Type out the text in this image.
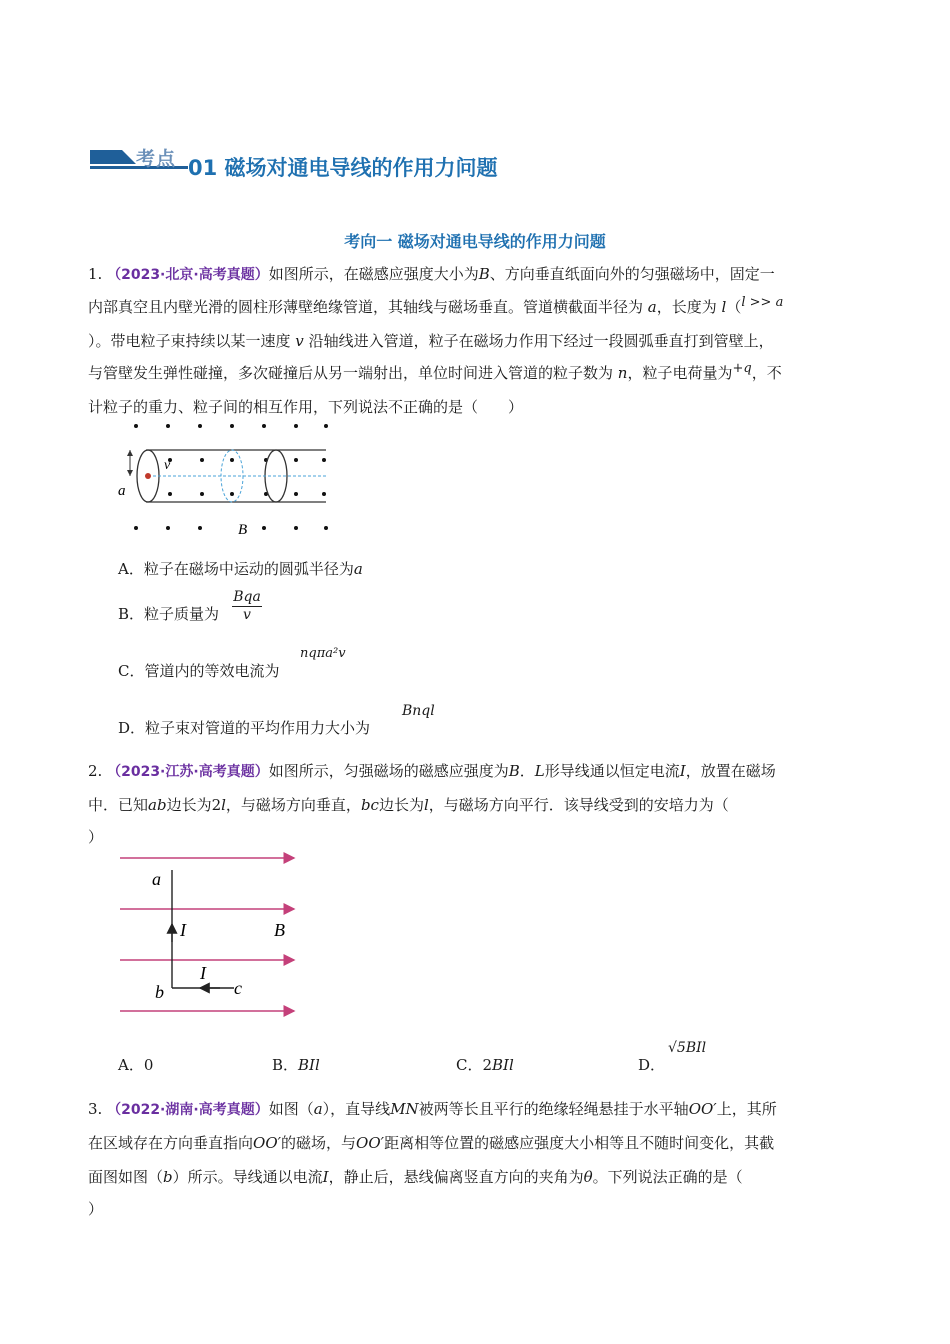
考点 01 磁场对通电导线的作用力问题
考向一 磁场对通电导线的作用力问题
1. （2023·北京·高考真题）如图所示，在磁感应强度大小为B、方向垂直纸面向外的匀强磁场中，固定一
内部真空且内壁光滑的圆柱形薄壁绝缘管道，其轴线与磁场垂直。管道横截面半径为 a，长度为 l（l >> a
）。带电粒子束持续以某一速度 v 沿轴线进入管道，粒子在磁场力作用下经过一段圆弧垂直打到管壁上，
与管壁发生弹性碰撞，多次碰撞后从另一端射出，单位时间进入管道的粒子数为 n，粒子电荷量为+q，不
计粒子的重力、粒子间的相互作用，下列说法不正确的是（　　）
v
a
B
A．粒子在磁场中运动的圆弧半径为a
B．粒子质量为
Bqa
v
C．管道内的等效电流为
nqπa²v
D．粒子束对管道的平均作用力大小为
Bnql
2. （2023·江苏·高考真题）如图所示，匀强磁场的磁感应强度为B．L形导线通以恒定电流I，放置在磁场
中．已知ab边长为2l，与磁场方向垂直，bc边长为l，与磁场方向平行．该导线受到的安培力为（
）
a
I	B
I
b	c
A．0	B．BIl	C．2BIl	D．
√5BIl
3. （2022·湖南·高考真题）如图（a），直导线MN被两等长且平行的绝缘轻绳悬挂于水平轴OO′上，其所
在区域存在方向垂直指向OO′的磁场，与OO′距离相等位置的磁感应强度大小相等且不随时间变化，其截
面图如图（b）所示。导线通以电流I，静止后，悬线偏离竖直方向的夹角为θ。下列说法正确的是（
）
